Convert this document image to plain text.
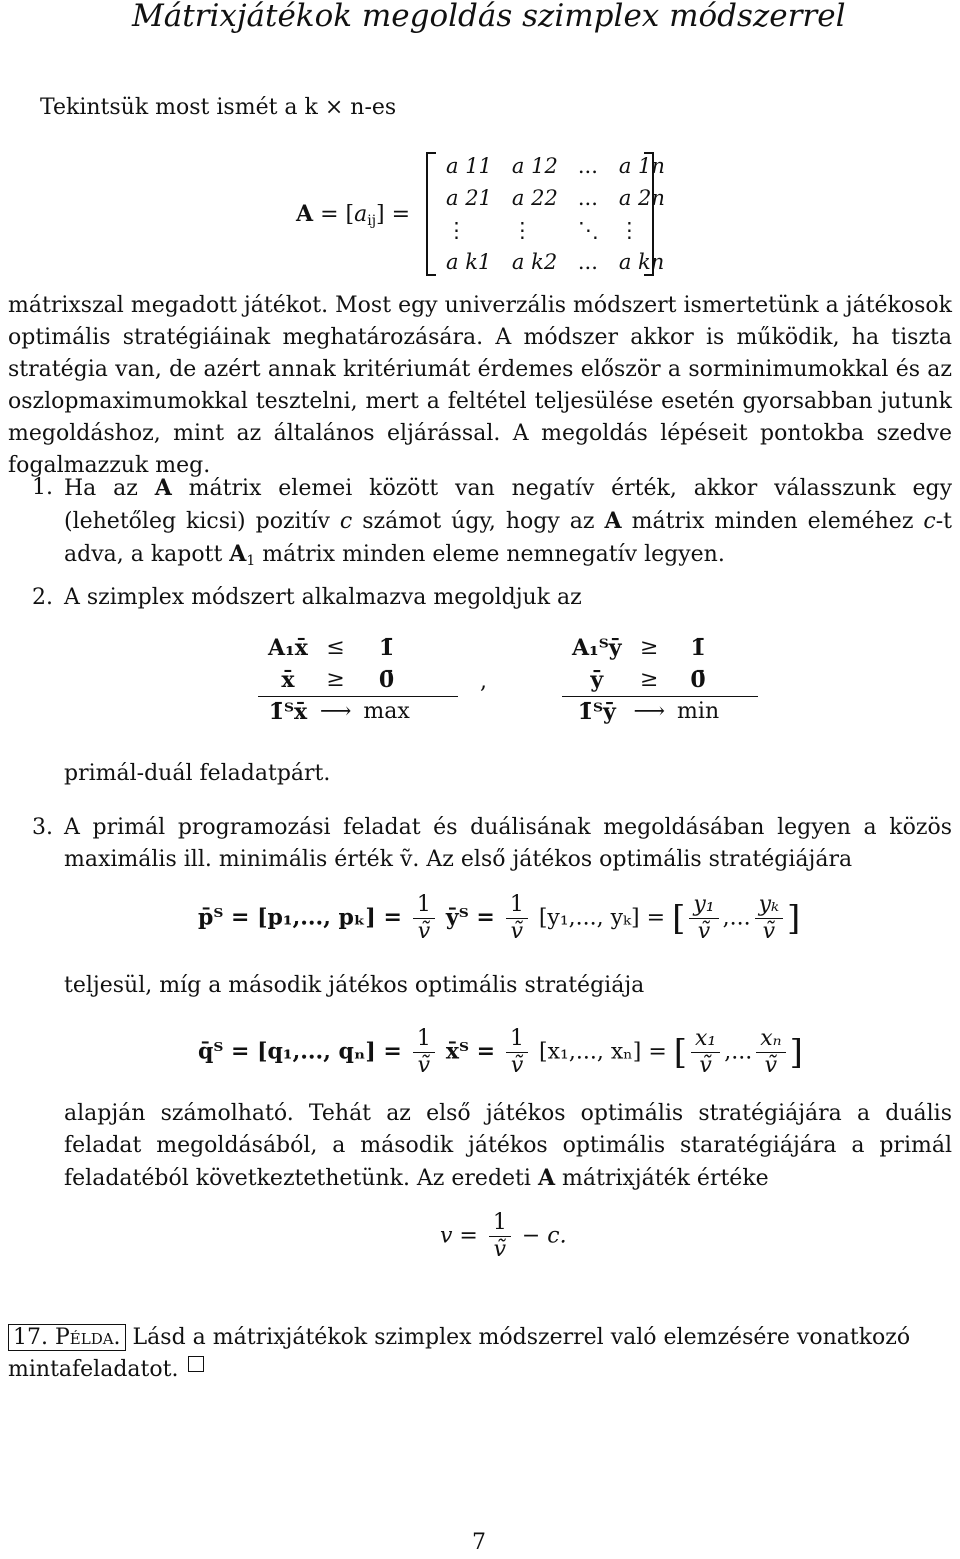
Mátrixjátékok megoldás szimplex módszerrel
Tekintsük most ismét a k × n-es
$A = [a_{ij}]$ =
a 11	a 12	...	a 1n
a 21	a 22	...	a 2n
⋮	⋮	⋱	⋮
a k1	a k2	...	a kn
mátrixszal megadott játékot. Most egy univerzális módszert ismertetünk a játékosok optimális stratégiáinak meghatározására. A módszer akkor is működik, ha tiszta stratégia van, de azért annak kritériumát érdemes először a sorminimumokkal és az oszlopmaximumokkal tesztelni, mert a feltétel teljesülése esetén gyorsabban jutunk megoldáshoz, mint az általános eljárással. A megoldás lépéseit pontokba szedve fogalmazzuk meg.
1. Ha az A mátrix elemei között van negatív érték, akkor válasszunk egy (lehetőleg kicsi) pozitív c számot úgy, hogy az A mátrix minden eleméhez c-t adva, a kapott $A_1$ mátrix minden eleme nemnegatív legyen.
2. A szimplex módszert alkalmazva megoldjuk az
A₁x̄	≤	1̄
x̄	≥	0̄
1̄ᵀx̄	⟶	max
,
A₁ᵀȳ	≥	1̄
ȳ	≥	0̄
1̄ᵀȳ	⟶	min
primál-duál feladatpárt.
3. A primál programozási feladat és duálisának megoldásában legyen a közös maximális ill. minimális érték ṽ. Az első játékos optimális stratégiájára
p̄ᵀ = [p₁,..., $p_k] = \frac{1}{\text{ṽ}}$ ȳᵀ = $\frac{1}{\text{ṽ}} [y_1$,..., yₖ] = [ $\frac{\text{y₁}}{\text{ṽ}}$ ,... $\frac{\text{yₖ}}{\text{ṽ}}$ ]
teljesül, míg a második játékos optimális stratégiája
q̄ᵀ = [q₁,..., $q_n] = \frac{1}{\text{ṽ}}$ x̄ᵀ = $\frac{1}{\text{ṽ}} [x_1$,..., xₙ] = [ $\frac{\text{x₁}}{\text{ṽ}}$ ,... $\frac{\text{xₙ}}{\text{ṽ}}$ ]
alapján számolható. Tehát az első játékos optimális stratégiájára a duális feladat megoldásából, a második játékos optimális staratégiájára a primál feladatéból következtethetünk. Az eredeti A mátrixjáték értéke
$v = \frac{1}{\text{ṽ}} - c$.
17. Példa. Lásd a mátrixjátékok szimplex módszerrel való elemzésére vonatkozó mintafeladatot.
7
